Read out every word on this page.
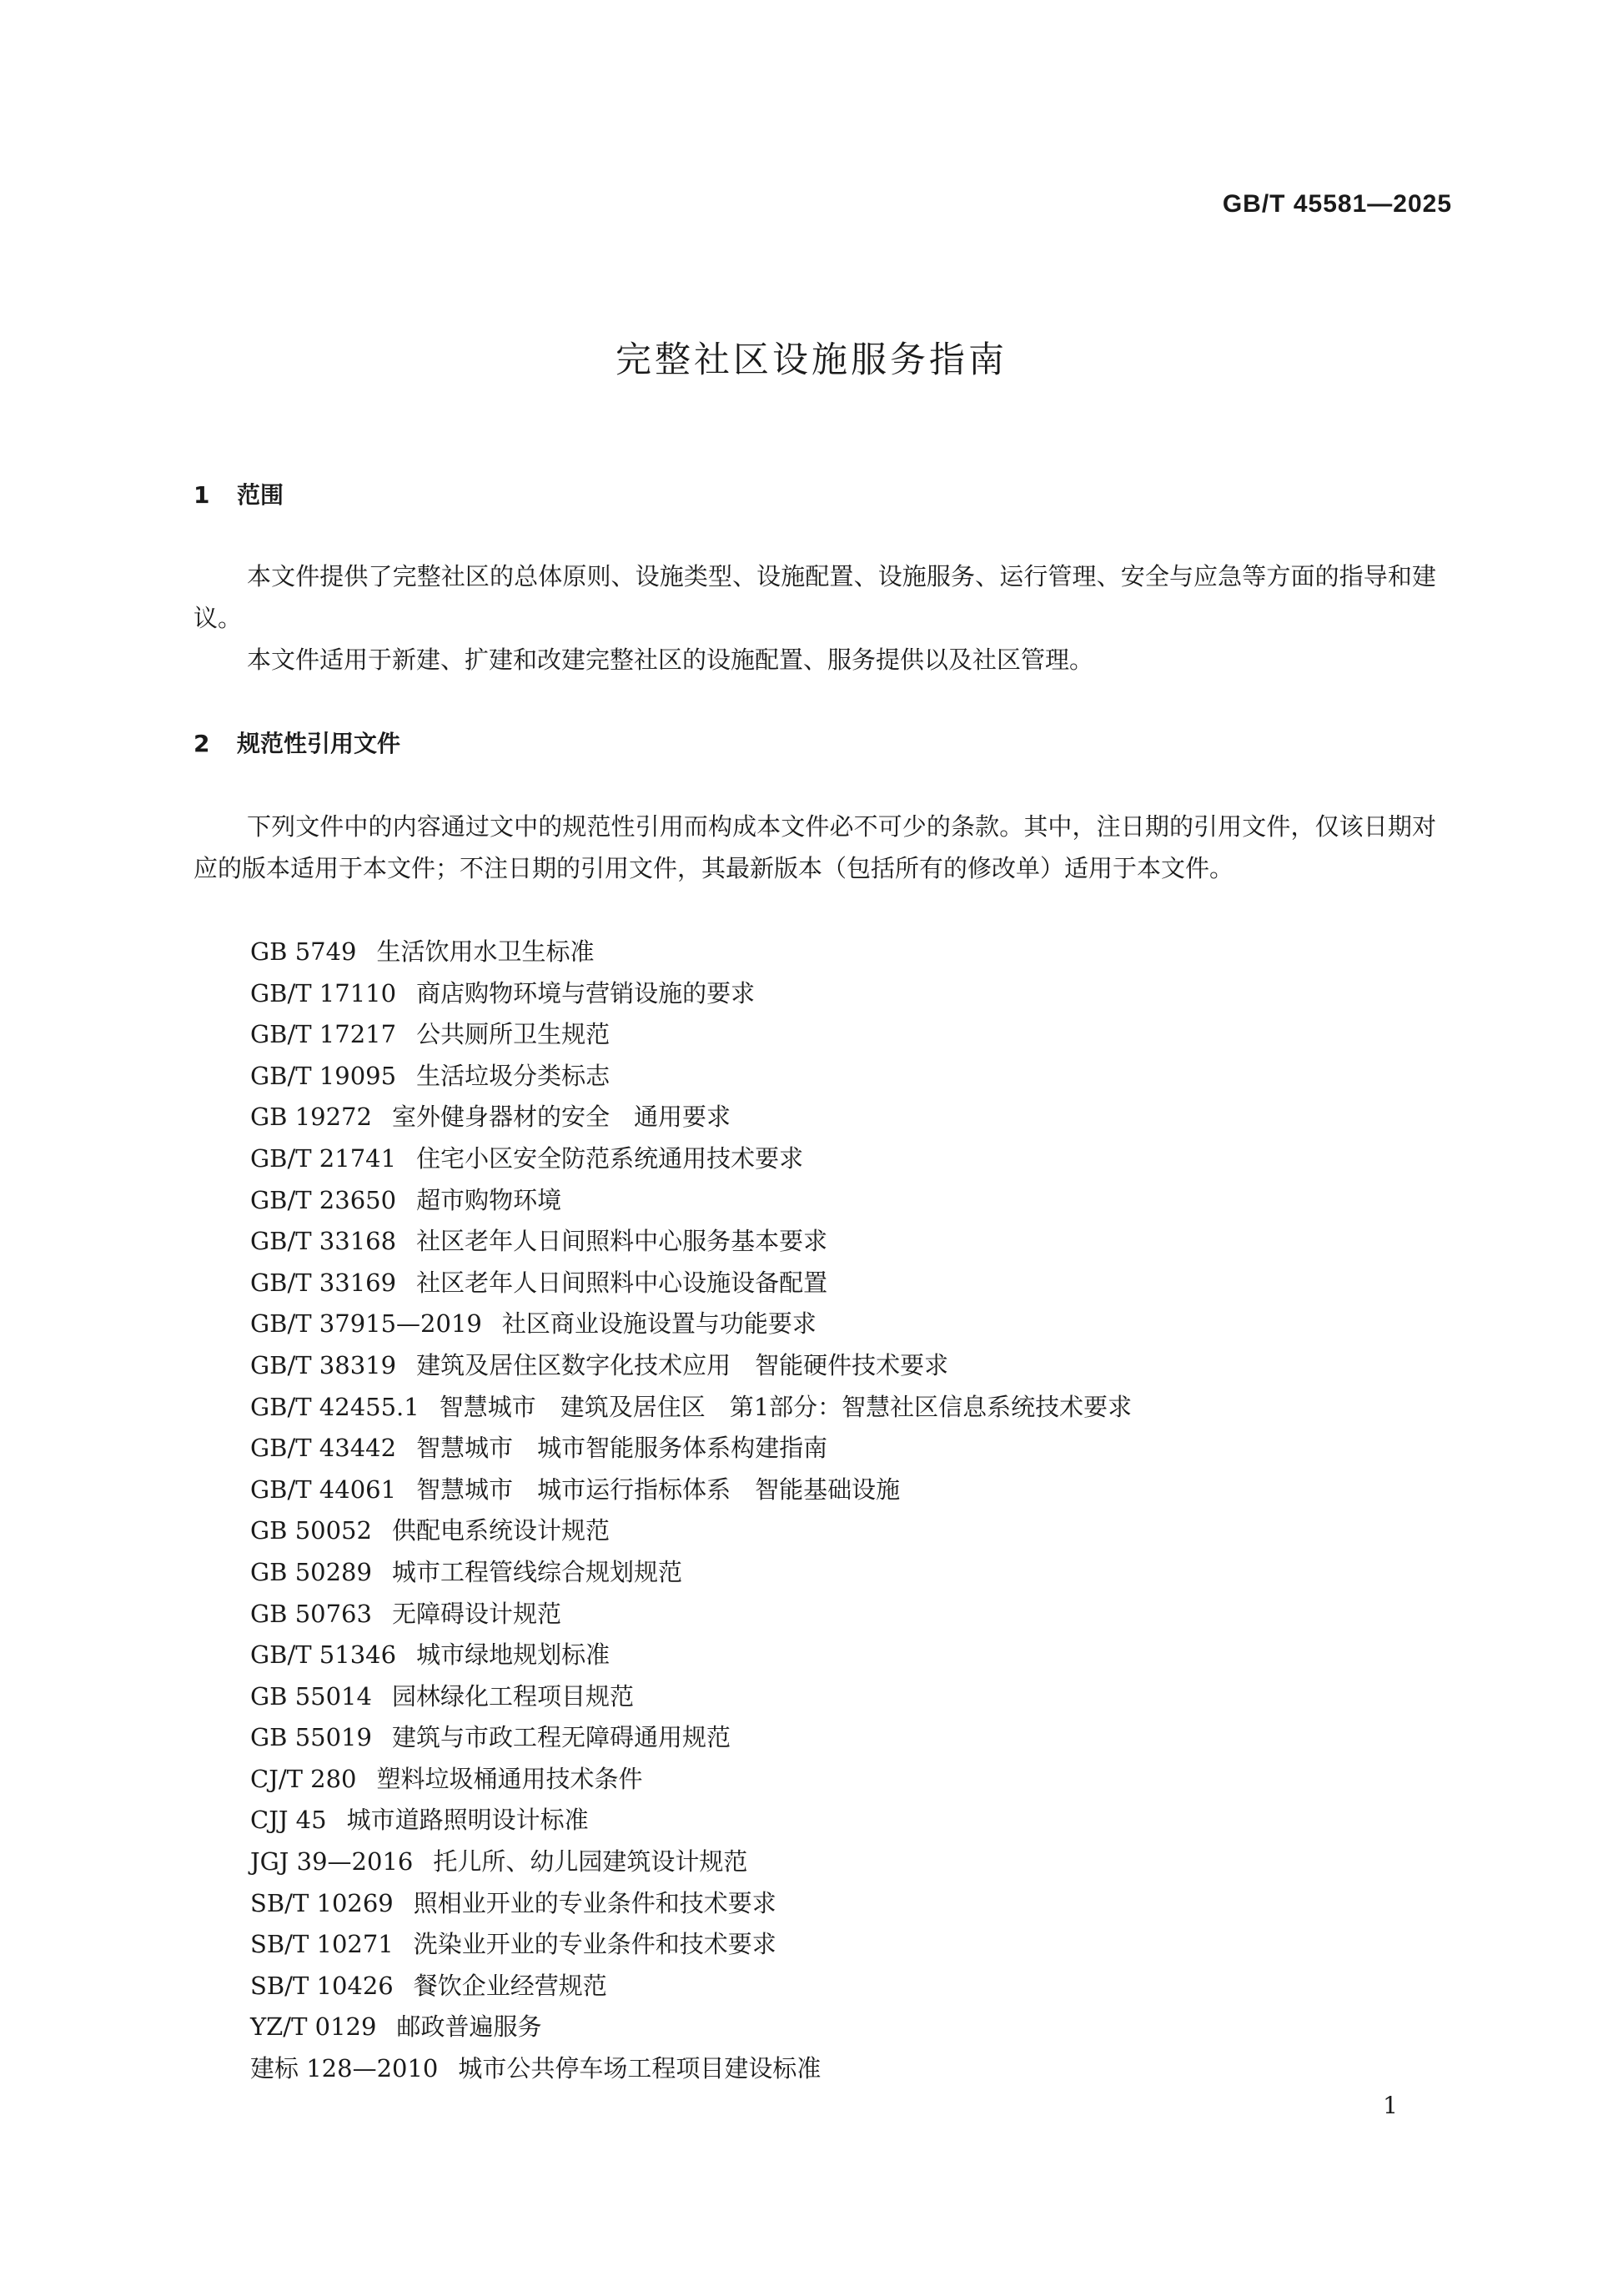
GB/T 45581—2025
完整社区设施服务指南
1 范围
本文件提供了完整社区的总体原则、设施类型、设施配置、设施服务、运行管理、安全与应急等方面的指导和建议。
本文件适用于新建、扩建和改建完整社区的设施配置、服务提供以及社区管理。
2 规范性引用文件
下列文件中的内容通过文中的规范性引用而构成本文件必不可少的条款。其中，注日期的引用文件，仅该日期对应的版本适用于本文件；不注日期的引用文件，其最新版本（包括所有的修改单）适用于本文件。
GB 5749 生活饮用水卫生标准
GB/T 17110 商店购物环境与营销设施的要求
GB/T 17217 公共厕所卫生规范
GB/T 19095 生活垃圾分类标志
GB 19272 室外健身器材的安全　通用要求
GB/T 21741 住宅小区安全防范系统通用技术要求
GB/T 23650 超市购物环境
GB/T 33168 社区老年人日间照料中心服务基本要求
GB/T 33169 社区老年人日间照料中心设施设备配置
GB/T 37915—2019 社区商业设施设置与功能要求
GB/T 38319 建筑及居住区数字化技术应用　智能硬件技术要求
GB/T 42455.1 智慧城市　建筑及居住区　第1部分：智慧社区信息系统技术要求
GB/T 43442 智慧城市　城市智能服务体系构建指南
GB/T 44061 智慧城市　城市运行指标体系　智能基础设施
GB 50052 供配电系统设计规范
GB 50289 城市工程管线综合规划规范
GB 50763 无障碍设计规范
GB/T 51346 城市绿地规划标准
GB 55014 园林绿化工程项目规范
GB 55019 建筑与市政工程无障碍通用规范
CJ/T 280 塑料垃圾桶通用技术条件
CJJ 45 城市道路照明设计标准
JGJ 39—2016 托儿所、幼儿园建筑设计规范
SB/T 10269 照相业开业的专业条件和技术要求
SB/T 10271 洗染业开业的专业条件和技术要求
SB/T 10426 餐饮企业经营规范
YZ/T 0129 邮政普遍服务
建标 128—2010 城市公共停车场工程项目建设标准
1
